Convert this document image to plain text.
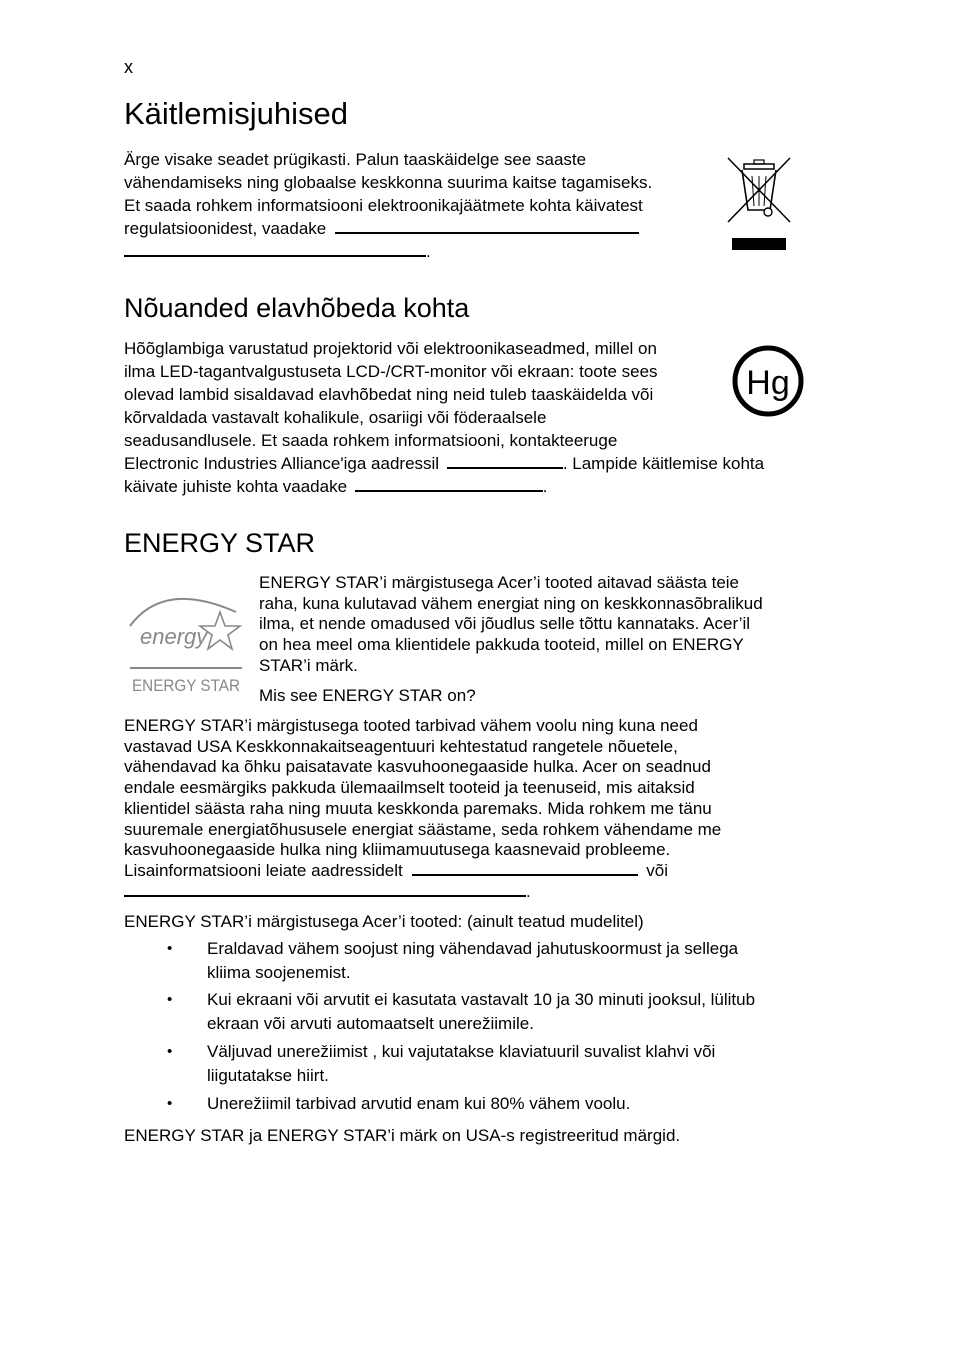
x
Käitlemisjuhised
Ärge visake seadet prügikasti. Palun taaskäidelge see saaste
vähendamiseks ning globaalse keskkonna suurima kaitse tagamiseks.
Et saada rohkem informatsiooni elektroonikajäätmete kohta käivatest
regulatsioonidest, vaadake
.
Nõuanded elavhõbeda kohta
Hõõglambiga varustatud projektorid või elektroonikaseadmed, millel on
ilma LED-tagantvalgustuseta LCD-/CRT-monitor või ekraan: toote sees
olevad lambid sisaldavad elavhõbedat ning neid tuleb taaskäidelda või
kõrvaldada vastavalt kohalikule, osariigi või föderaalsele
seadusandlusele. Et saada rohkem informatsiooni, kontakteeruge
Electronic Industries Alliance'iga aadressil	. Lampide käitlemise kohta
käivate juhiste kohta vaadake	.
Hg
ENERGY STAR
energy
ENERGY STAR
ENERGY STAR’i märgistusega Acer’i tooted aitavad säästa teie
raha, kuna kulutavad vähem energiat ning on keskkonnasõbralikud
ilma, et nende omadused või jõudlus selle tõttu kannataks. Acer’il
on hea meel oma klientidele pakkuda tooteid, millel on ENERGY
STAR’i märk.
Mis see ENERGY STAR on?
ENERGY STAR’i märgistusega tooted tarbivad vähem voolu ning kuna need
vastavad USA Keskkonnakaitseagentuuri kehtestatud rangetele nõuetele,
vähendavad ka õhku paisatavate kasvuhoonegaaside hulka. Acer on seadnud
endale eesmärgiks pakkuda ülemaailmselt tooteid ja teenuseid, mis aitaksid
klientidel säästa raha ning muuta keskkonda paremaks. Mida rohkem me tänu
suuremale energiatõhususele energiat säästame, seda rohkem vähendame me
kasvuhoonegaaside hulka ning kliimamuutusega kaasnevaid probleeme.
Lisainformatsiooni leiate aadressidelt	või
.
ENERGY STAR’i märgistusega Acer’i tooted: (ainult teatud mudelitel)
• Eraldavad vähem soojust ning vähendavad jahutuskoormust ja sellega
kliima soojenemist.
• Kui ekraani või arvutit ei kasutata vastavalt 10 ja 30 minuti jooksul, lülitub
ekraan või arvuti automaatselt unerežiimile.
• Väljuvad unerežiimist , kui vajutatakse klaviatuuril suvalist klahvi või
liigutatakse hiirt.
• Unerežiimil tarbivad arvutid enam kui 80% vähem voolu.
ENERGY STAR ja ENERGY STAR’i märk on USA-s registreeritud märgid.
